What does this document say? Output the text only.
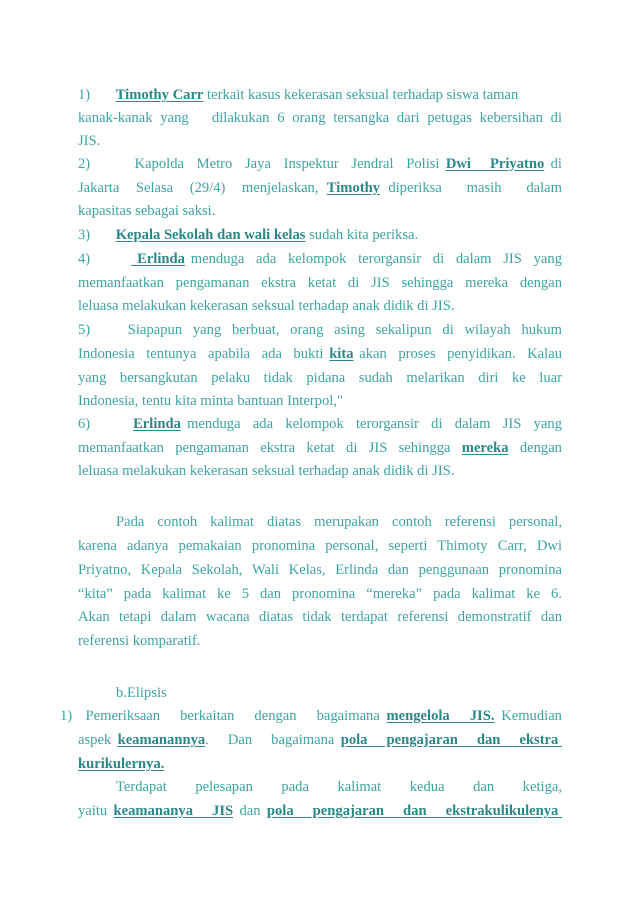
1)       Timothy Carr terkait kasus kekerasan seksual terhadap siswa taman
kanak-kanak yang   dilakukan 6 orang tersangka dari petugas kebersihan di
JIS.
2)       Kapolda  Metro  Jaya  Inspektur  Jendral  Polisi Dwi   Priyatno di
Jakarta  Selasa  (29/4)  menjelaskan, Timothy diperiksa   masih   dalam
kapasitas sebagai saksi.
3)       Kepala Sekolah dan wali kelas sudah kita periksa.
4)        Erlinda menduga  ada  kelompok  terorgansir  di  dalam  JIS  yang
memanfaatkan pengamanan ekstra ketat di JIS sehingga mereka dengan
leluasa melakukan kekerasan seksual terhadap anak didik di JIS.
5)       Siapapun  yang  berbuat,  orang  asing  sekalipun  di  wilayah  hukum
Indonesia  tentunya  apabila  ada  bukti kita akan  proses  penyidikan.  Kalau
yang  bersangkutan  pelaku  tidak  pidana  sudah  melarikan  diri  ke  luar
Indonesia, tentu kita minta bantuan Interpol,"
6)       Erlinda menduga  ada  kelompok  terorgansir  di  dalam  JIS  yang
memanfaatkan pengamanan ekstra ketat di JIS sehingga mereka dengan
leluasa melakukan kekerasan seksual terhadap anak didik di JIS.
Pada  contoh  kalimat  diatas  merupakan  contoh  referensi  personal,
karena adanya pemakaian pronomina personal, seperti Thimoty Carr, Dwi
Priyatno, Kepala Sekolah, Wali Kelas, Erlinda dan penggunaan pronomina
“kita”  pada  kalimat  ke  5  dan  pronomina  “mereka”  pada  kalimat  ke  6.
Akan tetapi dalam wacana diatas tidak terdapat referensi demonstratif dan
referensi komparatif.
b.Elipsis
1)  Pemeriksaan   berkaitan   dengan   bagaimana mengelola   JIS. Kemudian
aspek keamanannya.   Dan   bagaimana pola   pengajaran   dan   ekstra
kurikulernya.
Terdapat     pelesapan     pada     kalimat     kedua     dan     ketiga,
yaitu keamananya   JIS dan pola   pengajaran   dan   ekstrakulikulenya
